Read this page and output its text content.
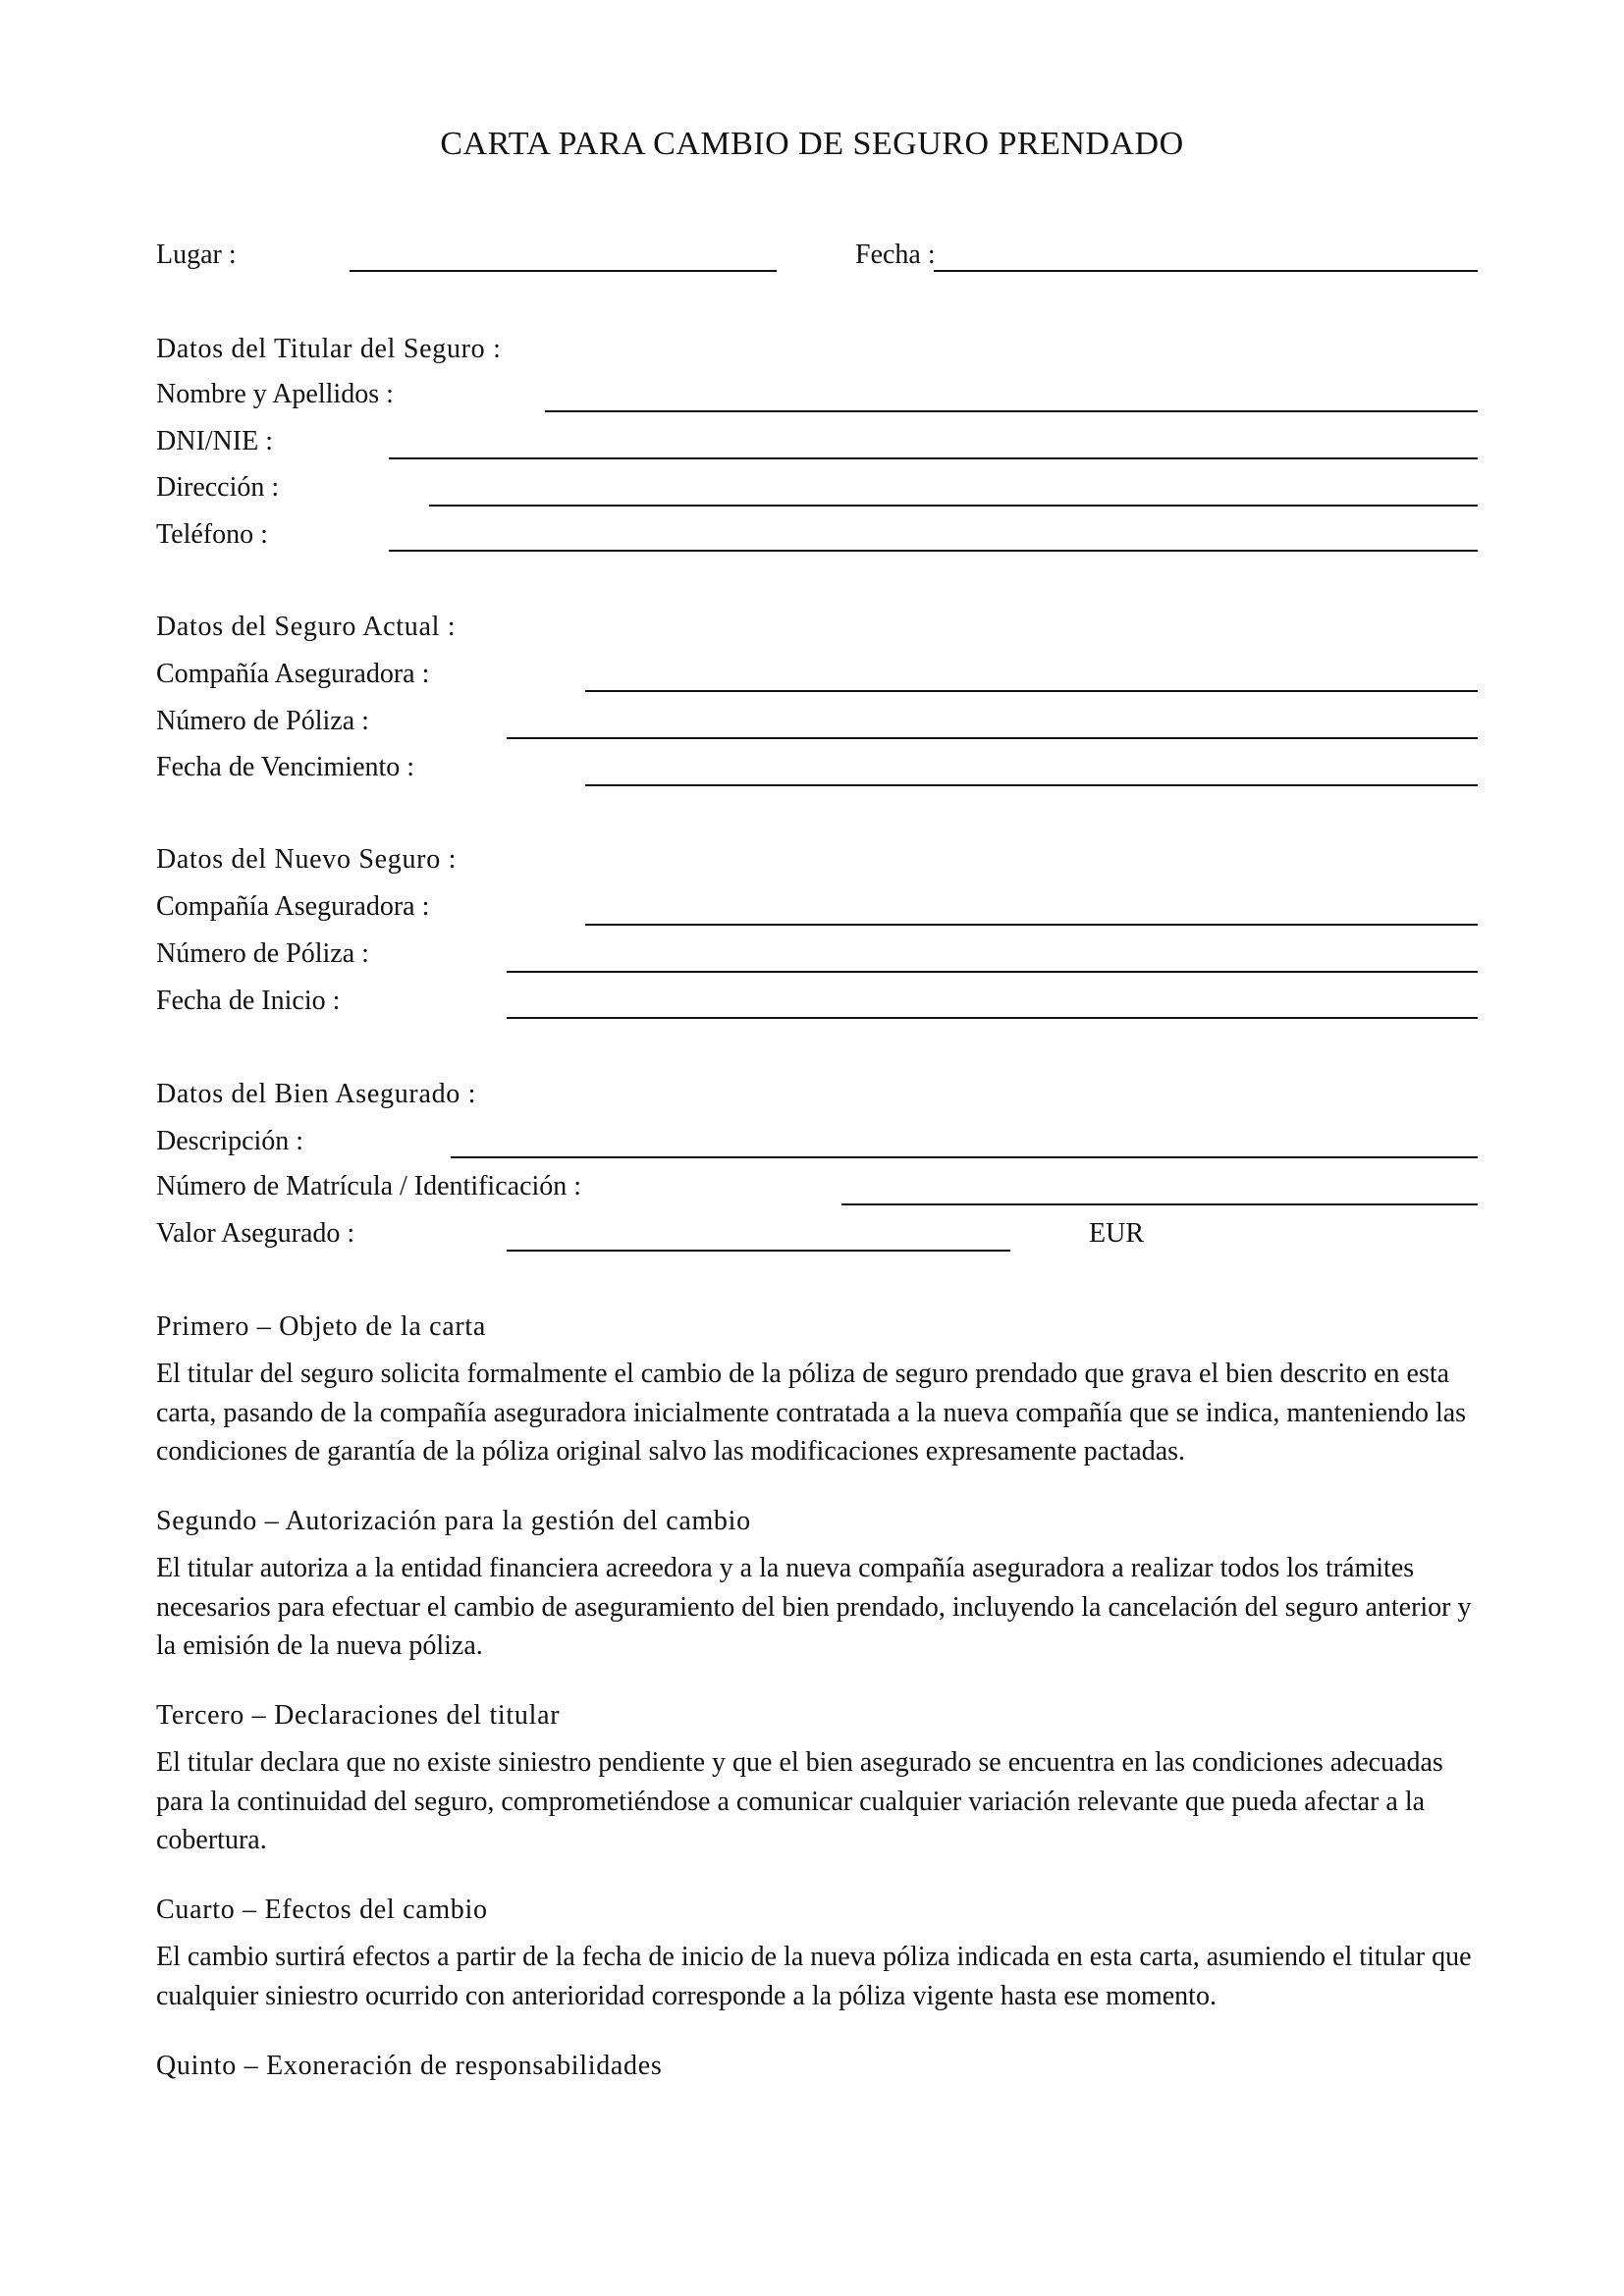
CARTA PARA CAMBIO DE SEGURO PRENDADO
Lugar :	Fecha :
Datos del Titular del Seguro :
Nombre y Apellidos :
DNI/NIE :
Dirección :
Teléfono :
Datos del Seguro Actual :
Compañía Aseguradora :
Número de Póliza :
Fecha de Vencimiento :
Datos del Nuevo Seguro :
Compañía Aseguradora :
Número de Póliza :
Fecha de Inicio :
Datos del Bien Asegurado :
Descripción :
Número de Matrícula / Identificación :
Valor Asegurado :	EUR
Primero – Objeto de la carta
El titular del seguro solicita formalmente el cambio de la póliza de seguro prendado que grava el bien descrito en esta
carta, pasando de la compañía aseguradora inicialmente contratada a la nueva compañía que se indica, manteniendo las
condiciones de garantía de la póliza original salvo las modificaciones expresamente pactadas.
Segundo – Autorización para la gestión del cambio
El titular autoriza a la entidad financiera acreedora y a la nueva compañía aseguradora a realizar todos los trámites
necesarios para efectuar el cambio de aseguramiento del bien prendado, incluyendo la cancelación del seguro anterior y
la emisión de la nueva póliza.
Tercero – Declaraciones del titular
El titular declara que no existe siniestro pendiente y que el bien asegurado se encuentra en las condiciones adecuadas
para la continuidad del seguro, comprometiéndose a comunicar cualquier variación relevante que pueda afectar a la
cobertura.
Cuarto – Efectos del cambio
El cambio surtirá efectos a partir de la fecha de inicio de la nueva póliza indicada en esta carta, asumiendo el titular que
cualquier siniestro ocurrido con anterioridad corresponde a la póliza vigente hasta ese momento.
Quinto – Exoneración de responsabilidades
